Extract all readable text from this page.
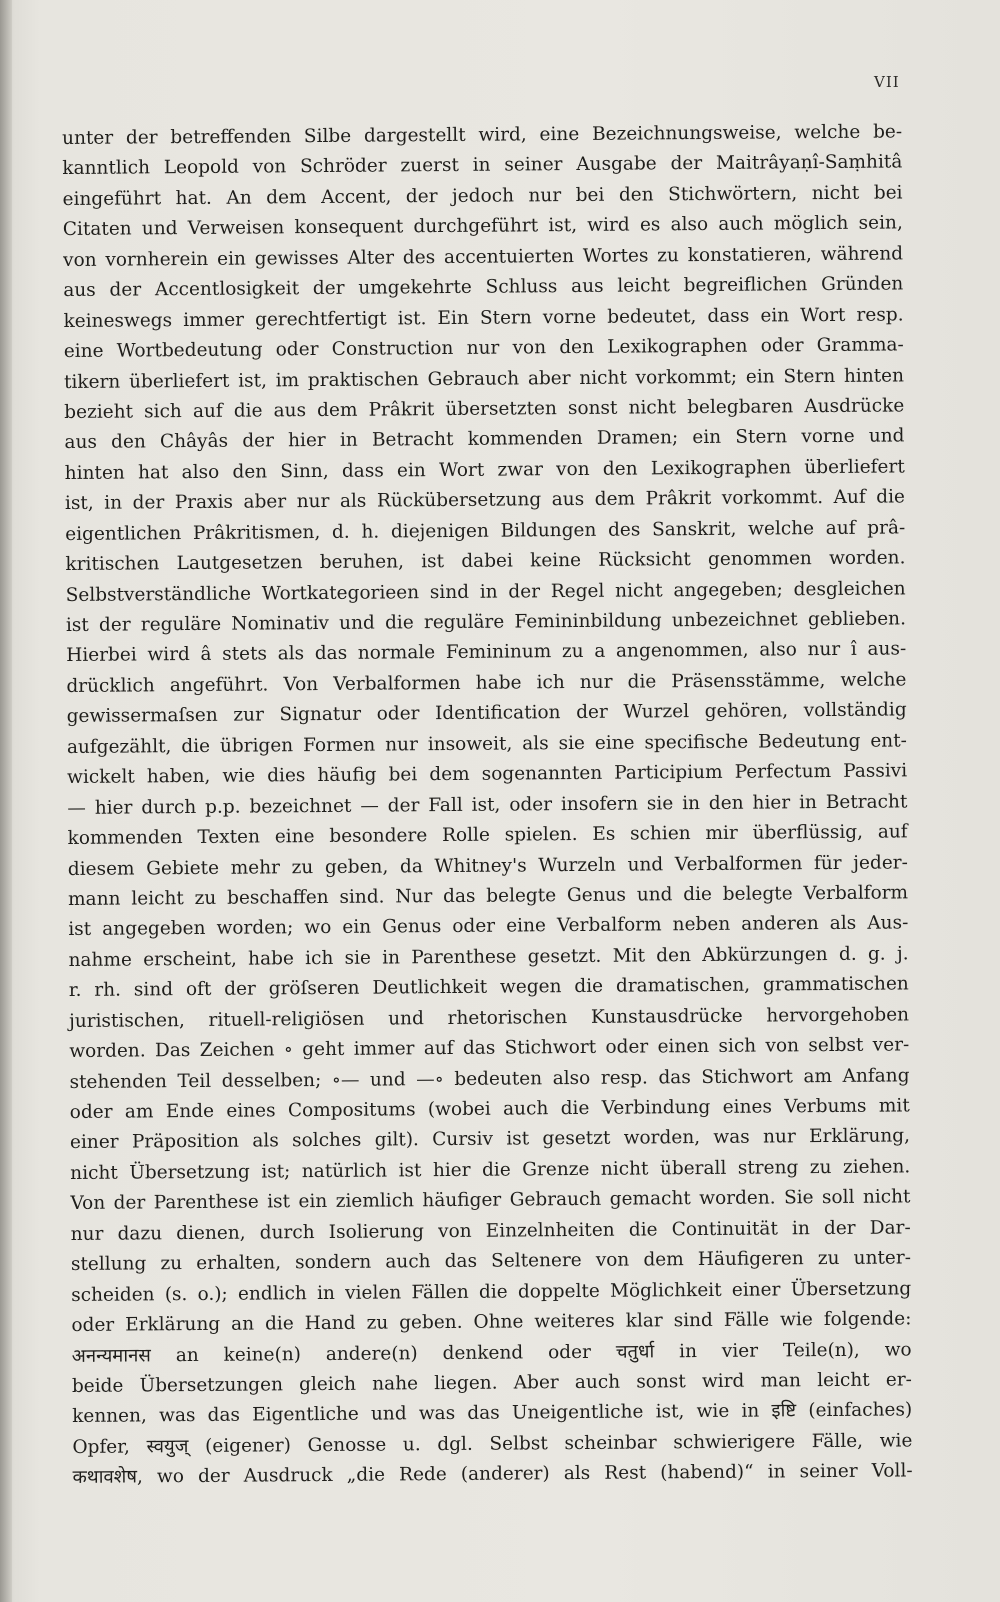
VII
unter der betreffenden Silbe dargestellt wird, eine Bezeichnungsweise, welche be-
kanntlich Leopold von Schröder zuerst in seiner Ausgabe der Maitrâyaṇî-Saṃhitâ
eingeführt hat. An dem Accent, der jedoch nur bei den Stichwörtern, nicht bei
Citaten und Verweisen konsequent durchgeführt ist, wird es also auch möglich sein,
von vornherein ein gewisses Alter des accentuierten Wortes zu konstatieren, während
aus der Accentlosigkeit der umgekehrte Schluss aus leicht begreiflichen Gründen
keineswegs immer gerechtfertigt ist. Ein Stern vorne bedeutet, dass ein Wort resp.
eine Wortbedeutung oder Construction nur von den Lexikographen oder Gramma-
tikern überliefert ist, im praktischen Gebrauch aber nicht vorkommt; ein Stern hinten
bezieht sich auf die aus dem Prâkrit übersetzten sonst nicht belegbaren Ausdrücke
aus den Châyâs der hier in Betracht kommenden Dramen; ein Stern vorne und
hinten hat also den Sinn, dass ein Wort zwar von den Lexikographen überliefert
ist, in der Praxis aber nur als Rückübersetzung aus dem Prâkrit vorkommt. Auf die
eigentlichen Prâkritismen, d. h. diejenigen Bildungen des Sanskrit, welche auf prâ-
kritischen Lautgesetzen beruhen, ist dabei keine Rücksicht genommen worden.
Selbstverständliche Wortkategorieen sind in der Regel nicht angegeben; desgleichen
ist der reguläre Nominativ und die reguläre Femininbildung unbezeichnet geblieben.
Hierbei wird â stets als das normale Femininum zu a angenommen, also nur î aus-
drücklich angeführt. Von Verbalformen habe ich nur die Präsensstämme, welche
gewissermaſsen zur Signatur oder Identification der Wurzel gehören, vollständig
aufgezählt, die übrigen Formen nur insoweit, als sie eine specifische Bedeutung ent-
wickelt haben, wie dies häufig bei dem sogenannten Participium Perfectum Passivi
— hier durch p.p. bezeichnet — der Fall ist, oder insofern sie in den hier in Betracht
kommenden Texten eine besondere Rolle spielen. Es schien mir überflüssig, auf
diesem Gebiete mehr zu geben, da Whitney's Wurzeln und Verbalformen für jeder-
mann leicht zu beschaffen sind. Nur das belegte Genus und die belegte Verbalform
ist angegeben worden; wo ein Genus oder eine Verbalform neben anderen als Aus-
nahme erscheint, habe ich sie in Parenthese gesetzt. Mit den Abkürzungen d. g. j.
r. rh. sind oft der gröſseren Deutlichkeit wegen die dramatischen, grammatischen
juristischen, rituell-religiösen und rhetorischen Kunstausdrücke hervorgehoben
worden. Das Zeichen ∘ geht immer auf das Stichwort oder einen sich von selbst ver-
stehenden Teil desselben; ∘— und —∘ bedeuten also resp. das Stichwort am Anfang
oder am Ende eines Compositums (wobei auch die Verbindung eines Verbums mit
einer Präposition als solches gilt). Cursiv ist gesetzt worden, was nur Erklärung,
nicht Übersetzung ist; natürlich ist hier die Grenze nicht überall streng zu ziehen.
Von der Parenthese ist ein ziemlich häufiger Gebrauch gemacht worden. Sie soll nicht
nur dazu dienen, durch Isolierung von Einzelnheiten die Continuität in der Dar-
stellung zu erhalten, sondern auch das Seltenere von dem Häufigeren zu unter-
scheiden (s. o.); endlich in vielen Fällen die doppelte Möglichkeit einer Übersetzung
oder Erklärung an die Hand zu geben. Ohne weiteres klar sind Fälle wie folgende:
अनन्यमानस an keine(n) andere(n) denkend oder चतुर्धा in vier Teile(n), wo
beide Übersetzungen gleich nahe liegen. Aber auch sonst wird man leicht er-
kennen, was das Eigentliche und was das Uneigentliche ist, wie in इष्टि (einfaches)
Opfer, स्वयुज् (eigener) Genosse u. dgl. Selbst scheinbar schwierigere Fälle, wie
कथावशेष, wo der Ausdruck „die Rede (anderer) als Rest (habend)“ in seiner Voll-
